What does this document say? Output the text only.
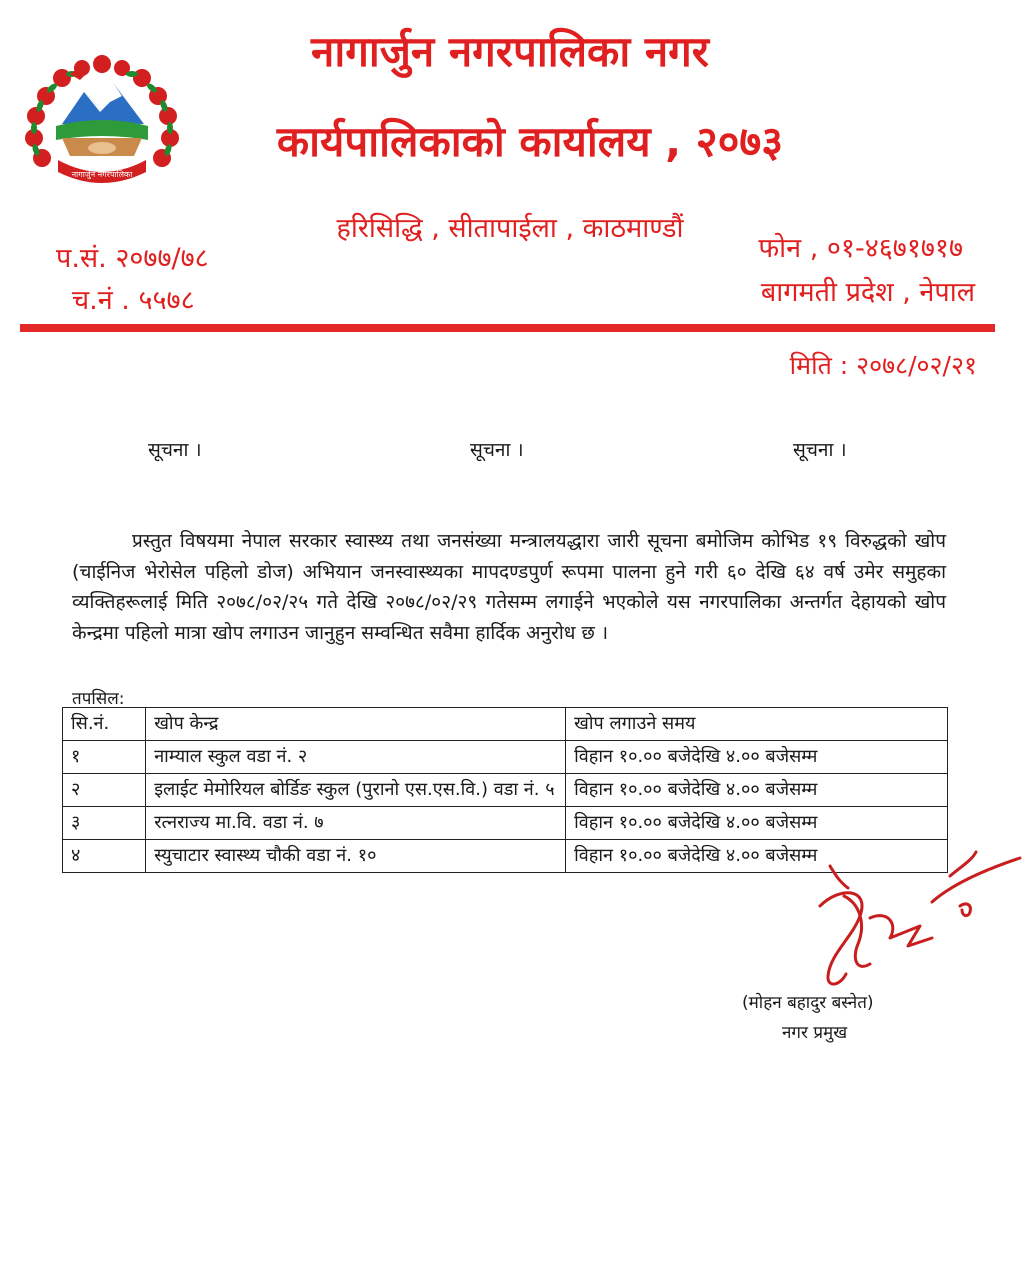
नागार्जुन नगरपालिका
नागार्जुन नगरपालिका नगर
कार्यपालिकाको कार्यालय , २०७३
हरिसिद्धि , सीतापाईला , काठमाण्डौं
प.सं. २०७७/७८
च.नं . ५५७८
फोन , ०१-४६७१७१७
बागमती प्रदेश , नेपाल
मिति : २०७८/०२/२१
सूचना ।	सूचना ।	सूचना ।
प्रस्तुत विषयमा नेपाल सरकार स्वास्थ्य तथा जनसंख्या मन्त्रालयद्धारा जारी सूचना बमोजिम कोभिड १९ विरुद्धको खोप (चाईनिज भेरोसेल पहिलो डोज) अभियान जनस्वास्थ्यका मापदण्डपुर्ण रूपमा पालना हुने गरी ६० देखि ६४ वर्ष उमेर समुहका व्यक्तिहरूलाई मिति २०७८/०२/२५ गते देखि २०७८/०२/२९ गतेसम्म लगाईने भएकोले यस नगरपालिका अन्तर्गत देहायको खोप केन्द्रमा पहिलो मात्रा खोप लगाउन जानुहुन सम्वन्धित सवैमा हार्दिक अनुरोध छ ।
तपसिल:
सि.नं.	खोप केन्द्र	खोप लगाउने समय
१	नाम्याल स्कुल वडा नं. २	विहान १०.०० बजेदेखि ४.०० बजेसम्म
२	इलाईट मेमोरियल बोर्डिङ स्कुल (पुरानो एस.एस.वि.) वडा नं. ५	विहान १०.०० बजेदेखि ४.०० बजेसम्म
३	रत्नराज्य मा.वि. वडा नं. ७	विहान १०.०० बजेदेखि ४.०० बजेसम्म
४	स्युचाटार स्वास्थ्य चौकी वडा नं. १०	विहान १०.०० बजेदेखि ४.०० बजेसम्म
(मोहन बहादुर बस्नेत)
नगर प्रमुख
